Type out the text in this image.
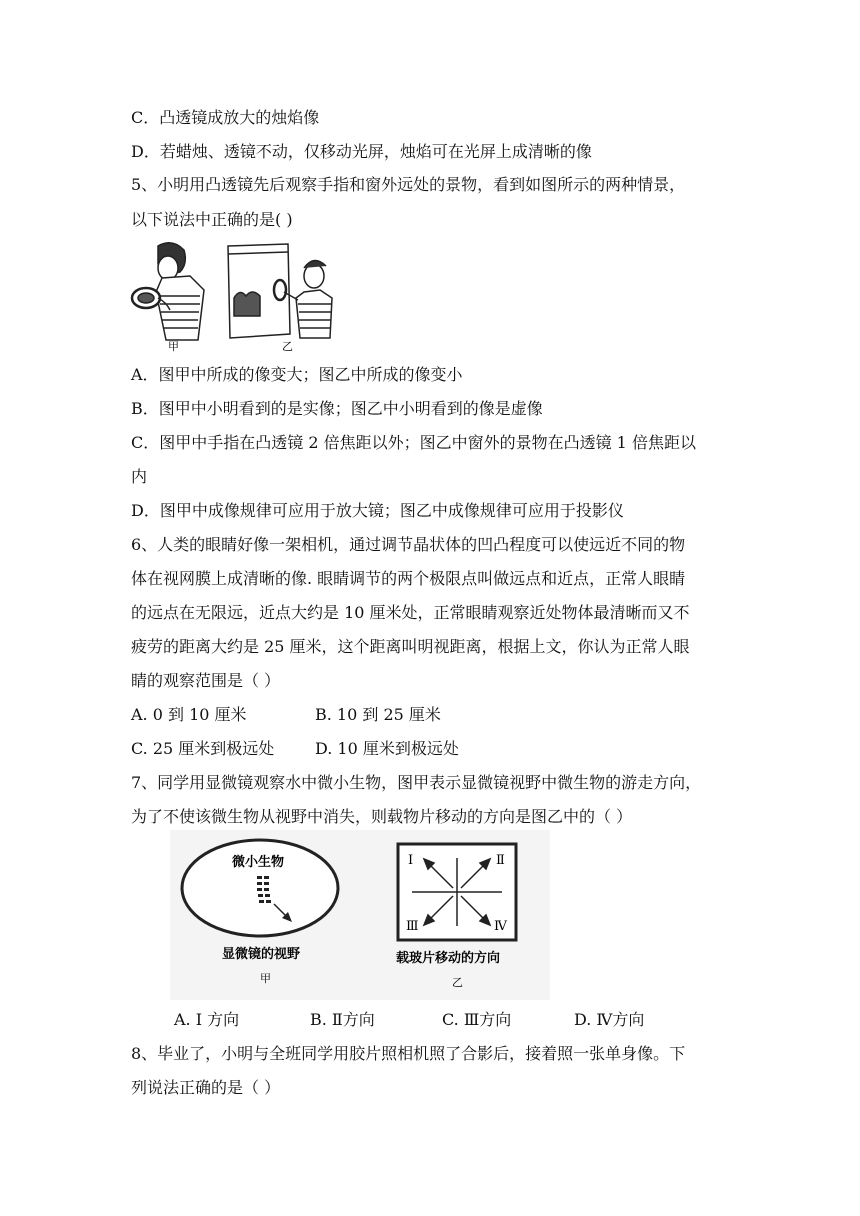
C．凸透镜成放大的烛焰像
D．若蜡烛、透镜不动，仅移动光屏，烛焰可在光屏上成清晰的像
5、小明用凸透镜先后观察手指和窗外远处的景物，看到如图所示的两种情景，
以下说法中正确的是( )
甲	乙
A．图甲中所成的像变大；图乙中所成的像变小
B．图甲中小明看到的是实像；图乙中小明看到的像是虚像
C．图甲中手指在凸透镜 2 倍焦距以外；图乙中窗外的景物在凸透镜 1 倍焦距以
内
D．图甲中成像规律可应用于放大镜；图乙中成像规律可应用于投影仪
6、人类的眼睛好像一架相机，通过调节晶状体的凹凸程度可以使远近不同的物
体在视网膜上成清晰的像. 眼睛调节的两个极限点叫做远点和近点，正常人眼睛
的远点在无限远，近点大约是 10 厘米处，正常眼睛观察近处物体最清晰而又不
疲劳的距离大约是 25 厘米，这个距离叫明视距离，根据上文，你认为正常人眼
睛的观察范围是（ ）
A. 0 到 10 厘米	B. 10 到 25 厘米
C. 25 厘米到极远处	D. 10 厘米到极远处
7、同学用显微镜观察水中微小生物，图甲表示显微镜视野中微生物的游走方向，
为了不使该微生物从视野中消失，则载物片移动的方向是图乙中的（ ）
微小生物
显微镜的视野
甲
Ⅰ	Ⅱ
Ⅲ	Ⅳ
载玻片移动的方向
乙
A. I 方向	B. Ⅱ方向	C. Ⅲ方向	D. Ⅳ方向
8、毕业了，小明与全班同学用胶片照相机照了合影后，接着照一张单身像。下
列说法正确的是（ ）
